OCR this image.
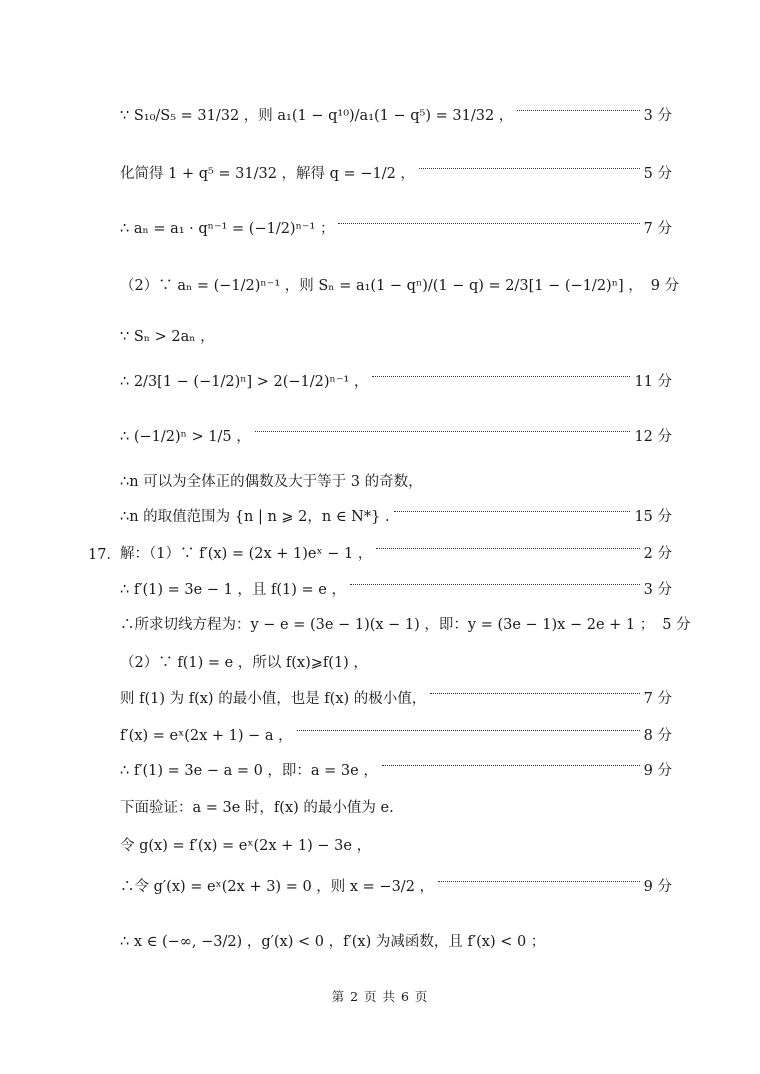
∵ S₁₀/S₅ = 31/32 ，则 a₁(1 − q¹⁰)/a₁(1 − q⁵) = 31/32 ，	3 分
化简得 1 + q⁵ = 31/32 ，解得 q = −1/2 ，	5 分
∴ aₙ = a₁ · qⁿ⁻¹ = (−1/2)ⁿ⁻¹ ；	7 分
（2）∵ aₙ = (−1/2)ⁿ⁻¹ ，则 Sₙ = a₁(1 − qⁿ)/(1 − q) = 2/3[1 − (−1/2)ⁿ] ， 9 分
∵ Sₙ > 2aₙ ，
∴ 2/3[1 − (−1/2)ⁿ] > 2(−1/2)ⁿ⁻¹ ，	11 分
∴ (−1/2)ⁿ > 1/5 ，	12 分
∴n 可以为全体正的偶数及大于等于 3 的奇数，
∴n 的取值范围为 {n | n ⩾ 2，n ∈ N*} .	15 分
解：（1）∵ f′(x) = (2x + 1)eˣ − 1 ，	2 分
∴ f′(1) = 3e − 1 ，且 f(1) = e ，	3 分
∴所求切线方程为：y − e = (3e − 1)(x − 1) ，即：y = (3e − 1)x − 2e + 1 ； 5 分
（2）∵ f(1) = e ，所以 f(x)⩾f(1) ，
则 f(1) 为 f(x) 的最小值，也是 f(x) 的极小值，	7 分
f′(x) = eˣ(2x + 1) − a ，	8 分
∴ f′(1) = 3e − a = 0 ，即：a = 3e ，	9 分
下面验证：a = 3e 时，f(x) 的最小值为 e.
令 g(x) = f′(x) = eˣ(2x + 1) − 3e ，
∴令 g′(x) = eˣ(2x + 3) = 0 ，则 x = −3/2 ，	9 分
∴ x ∈ (−∞, −3/2) ，g′(x) < 0 ，f′(x) 为减函数，且 f′(x) < 0 ；
17．
第 2 页 共 6 页
